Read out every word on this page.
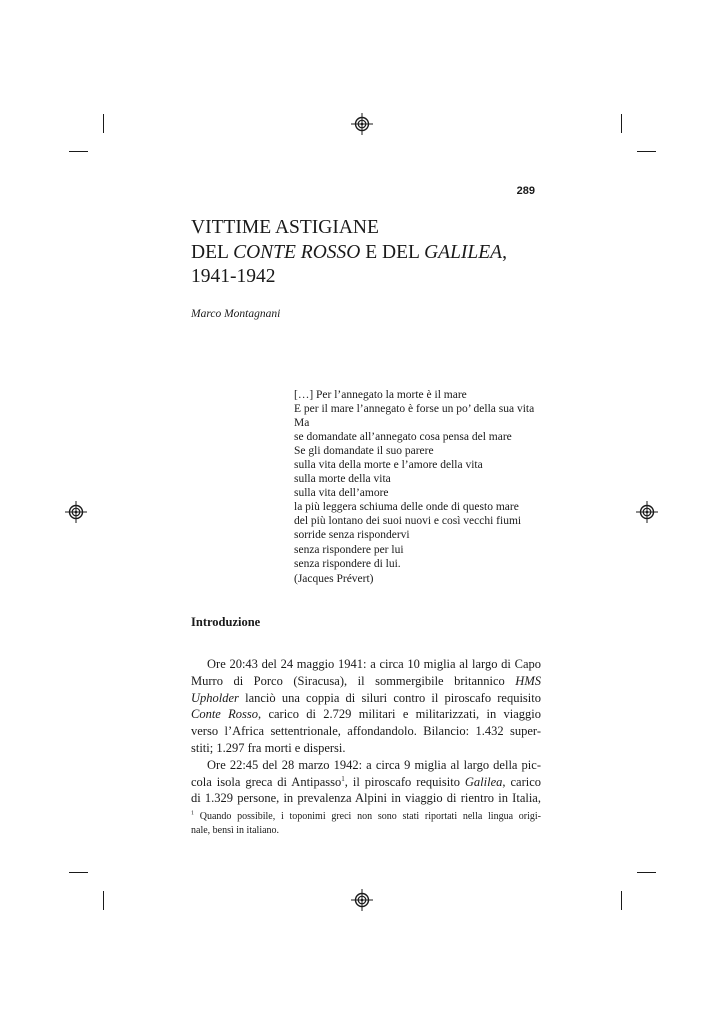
289
VITTIME ASTIGIANE
DEL CONTE ROSSO E DEL GALILEA,
1941-1942
Marco Montagnani
[…] Per l’annegato la morte è il mare
E per il mare l’annegato è forse un po’ della sua vita
Ma
se domandate all’annegato cosa pensa del mare
Se gli domandate il suo parere
sulla vita della morte e l’amore della vita
sulla morte della vita
sulla vita dell’amore
la più leggera schiuma delle onde di questo mare
del più lontano dei suoi nuovi e così vecchi fiumi
sorride senza rispondervi
senza rispondere per lui
senza rispondere di lui.
(Jacques Prévert)
Introduzione
Ore 20:43 del 24 maggio 1941: a circa 10 miglia al largo di Capo
Murro di Porco (Siracusa), il sommergibile britannico HMS
Upholder lanciò una coppia di siluri contro il piroscafo requisito
Conte Rosso, carico di 2.729 militari e militarizzati, in viaggio
verso l’Africa settentrionale, affondandolo. Bilancio: 1.432 super-
stiti; 1.297 fra morti e dispersi.
Ore 22:45 del 28 marzo 1942: a circa 9 miglia al largo della pic-
cola isola greca di Antipasso$^1$, il piroscafo requisito Galilea, carico
di 1.329 persone, in prevalenza Alpini in viaggio di rientro in Italia,
$^1$ Quando possibile, i toponimi greci non sono stati riportati nella lingua origi-
nale, bensì in italiano.
